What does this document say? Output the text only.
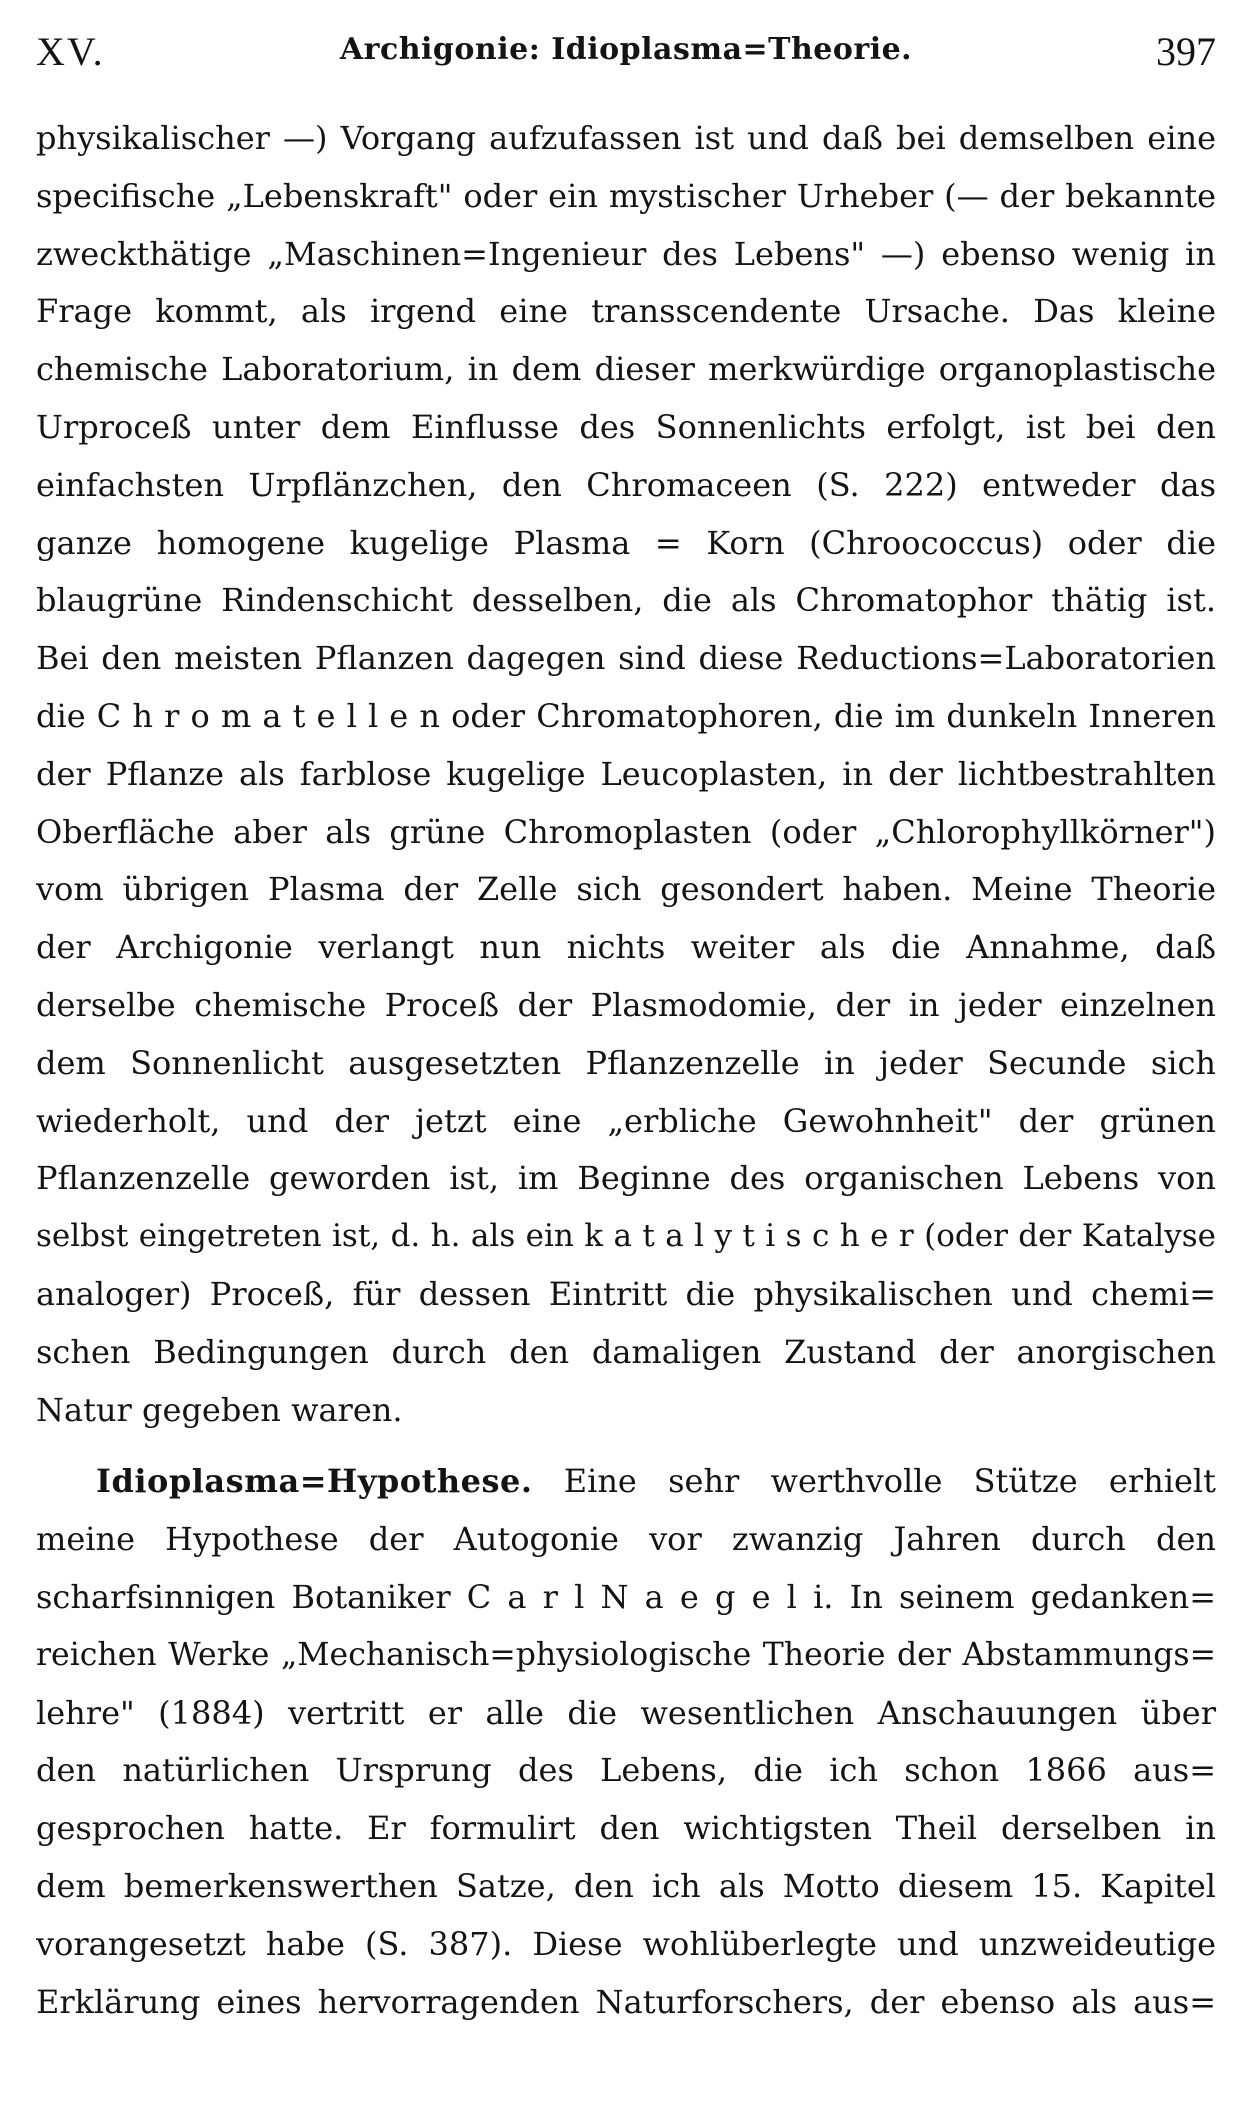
XV.	Archigonie: Idioplasma=Theorie.	397
physikalischer —) Vorgang aufzufassen ist und daß bei demselben eine
specifische „Lebenskraft" oder ein mystischer Urheber (— der bekannte
zweckthätige „Maschinen=Ingenieur des Lebens" —) ebenso wenig in
Frage kommt, als irgend eine transscendente Ursache. Das kleine
chemische Laboratorium, in dem dieser merkwürdige organoplastische
Urproceß unter dem Einflusse des Sonnenlichts erfolgt, ist bei den
einfachsten Urpflänzchen, den Chromaceen (S. 222) entweder das
ganze homogene kugelige Plasma = Korn (Chroococcus) oder die
blaugrüne Rindenschicht desselben, die als Chromatophor thätig ist.
Bei den meisten Pflanzen dagegen sind diese Reductions=Laboratorien
die C h r o m a t e l l e n oder Chromatophoren, die im dunkeln Inneren
der Pflanze als farblose kugelige Leucoplasten, in der lichtbestrahlten
Oberfläche aber als grüne Chromoplasten (oder „Chlorophyllkörner")
vom übrigen Plasma der Zelle sich gesondert haben. Meine Theorie
der Archigonie verlangt nun nichts weiter als die Annahme, daß
derselbe chemische Proceß der Plasmodomie, der in jeder einzelnen
dem Sonnenlicht ausgesetzten Pflanzenzelle in jeder Secunde sich
wiederholt, und der jetzt eine „erbliche Gewohnheit" der grünen
Pflanzenzelle geworden ist, im Beginne des organischen Lebens von
selbst eingetreten ist, d. h. als ein k a t a l y t i s c h e r (oder der Katalyse
analoger) Proceß, für dessen Eintritt die physikalischen und chemi=
schen Bedingungen durch den damaligen Zustand der anorgischen
Natur gegeben waren.
Idioplasma=Hypothese. Eine sehr werthvolle Stütze erhielt
meine Hypothese der Autogonie vor zwanzig Jahren durch den
scharfsinnigen Botaniker C a r l N a e g e l i. In seinem gedanken=
reichen Werke „Mechanisch=physiologische Theorie der Abstammungs=
lehre" (1884) vertritt er alle die wesentlichen Anschauungen über
den natürlichen Ursprung des Lebens, die ich schon 1866 aus=
gesprochen hatte. Er formulirt den wichtigsten Theil derselben in
dem bemerkenswerthen Satze, den ich als Motto diesem 15. Kapitel
vorangesetzt habe (S. 387). Diese wohlüberlegte und unzweideutige
Erklärung eines hervorragenden Naturforschers, der ebenso als aus=
